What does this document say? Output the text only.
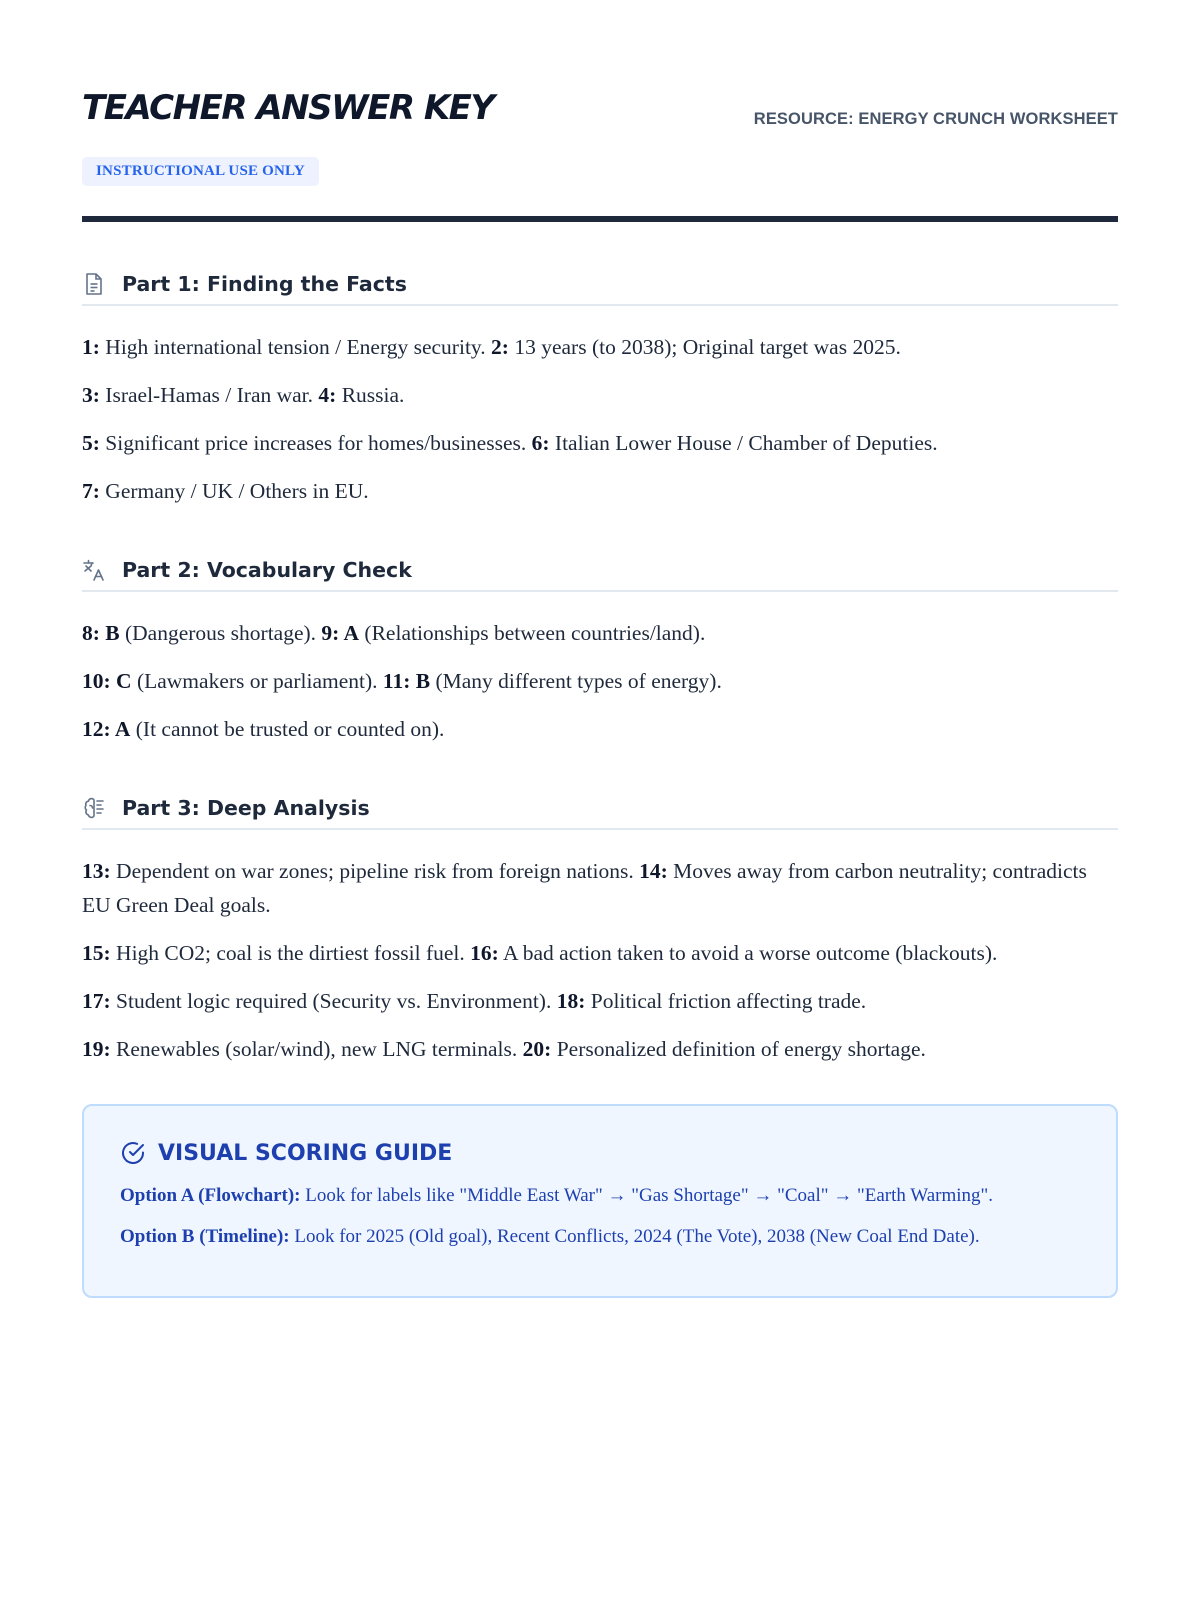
TEACHER ANSWER KEY	RESOURCE: ENERGY CRUNCH WORKSHEET
INSTRUCTIONAL USE ONLY
Part 1: Finding the Facts

1: High international tension / Energy security. 2: 13 years (to 2038); Original target was 2025.

3: Israel-Hamas / Iran war. 4: Russia.

5: Significant price increases for homes/businesses. 6: Italian Lower House / Chamber of Deputies.

7: Germany / UK / Others in EU.

Part 2: Vocabulary Check

8: B (Dangerous shortage). 9: A (Relationships between countries/land).

10: C (Lawmakers or parliament). 11: B (Many different types of energy).

12: A (It cannot be trusted or counted on).

Part 3: Deep Analysis

13: Dependent on war zones; pipeline risk from foreign nations. 14: Moves away from carbon neutrality; contradicts EU Green Deal goals.

15: High CO2; coal is the dirtiest fossil fuel. 16: A bad action taken to avoid a worse outcome (blackouts).

17: Student logic required (Security vs. Environment). 18: Political friction affecting trade.

19: Renewables (solar/wind), new LNG terminals. 20: Personalized definition of energy shortage.

VISUAL SCORING GUIDE

Option A (Flowchart): Look for labels like "Middle East War" → "Gas Shortage" → "Coal" → "Earth Warming".

Option B (Timeline): Look for 2025 (Old goal), Recent Conflicts, 2024 (The Vote), 2038 (New Coal End Date).
